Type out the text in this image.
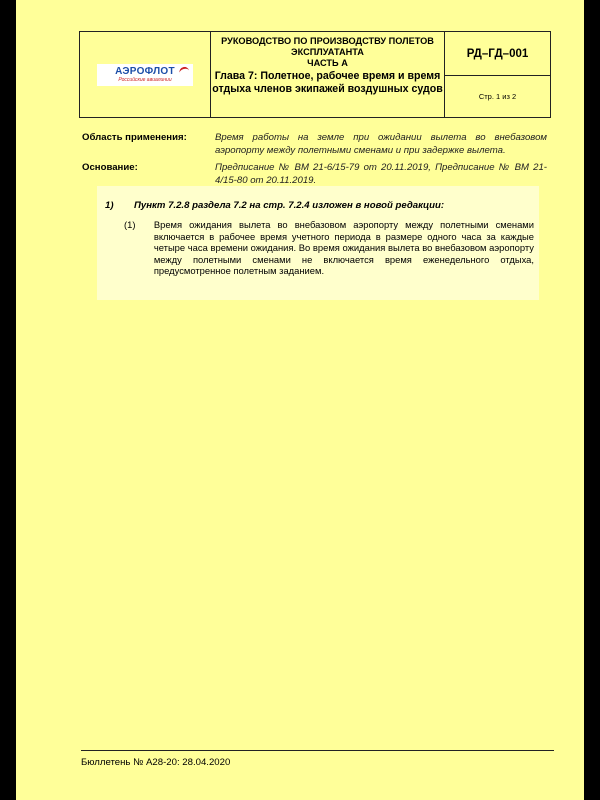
АЭРОФЛОТ
Российские авиалинии
РУКОВОДСТВО ПО ПРОИЗВОДСТВУ ПОЛЕТОВ ЭКСПЛУАТАНТА
ЧАСТЬ А
Глава 7: Полетное, рабочее время и время отдыха членов экипажей воздушных судов
РД–ГД–001
Стр. 1 из 2
Область применения:	Время работы на земле при ожидании вылета во внебазовом аэропорту между полетными сменами и при задержке вылета.
Основание:	Предписание № ВМ 21-6/15-79 от 20.11.2019, Предписание № ВМ 21-4/15-80 от 20.11.2019.
1)	Пункт 7.2.8 раздела 7.2 на стр. 7.2.4 изложен в новой редакции:
(1)	Время ожидания вылета во внебазовом аэропорту между полетными сменами включается в рабочее время учетного периода в размере одного часа за каждые четыре часа времени ожидания. Во время ожидания вылета во внебазовом аэропорту между полетными сменами не включается время еженедельного отдыха, предусмотренное полетным заданием.
Бюллетень № А28-20: 28.04.2020
